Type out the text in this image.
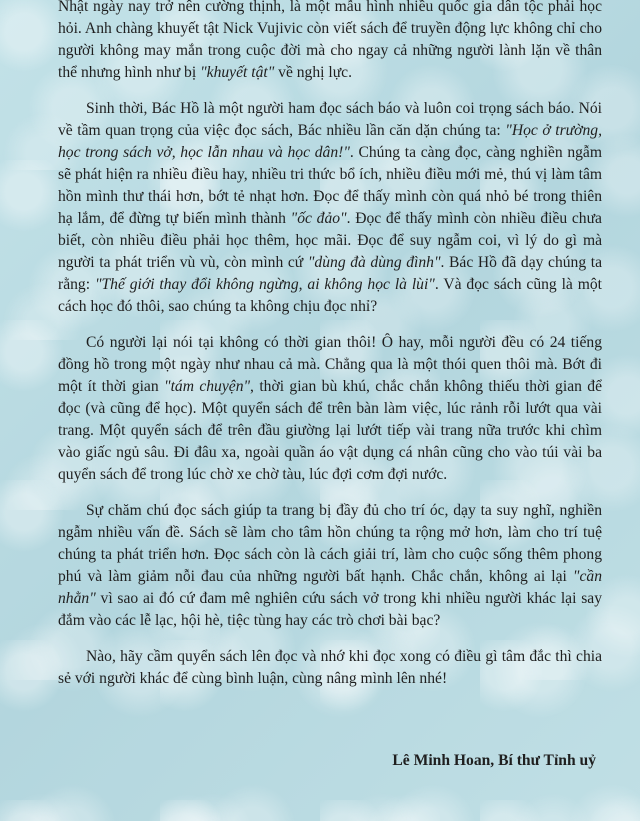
Nhật ngày nay trở nên cường thịnh, là một mẫu hình nhiều quốc gia dân tộc phải học hỏi. Anh chàng khuyết tật Nick Vujivic còn viết sách để truyền động lực không chỉ cho người không may mắn trong cuộc đời mà cho ngay cả những người lành lặn về thân thể nhưng hình như bị "khuyết tật" về nghị lực.

Sinh thời, Bác Hồ là một người ham đọc sách báo và luôn coi trọng sách báo. Nói về tầm quan trọng của việc đọc sách, Bác nhiều lần căn dặn chúng ta: "Học ở trường, học trong sách vở, học lẫn nhau và học dân!". Chúng ta càng đọc, càng nghiền ngẫm sẽ phát hiện ra nhiều điều hay, nhiều tri thức bổ ích, nhiều điều mới mẻ, thú vị làm tâm hồn mình thư thái hơn, bớt tẻ nhạt hơn. Đọc để thấy mình còn quá nhỏ bé trong thiên hạ lắm, để đừng tự biến mình thành "ốc đảo". Đọc để thấy mình còn nhiều điều chưa biết, còn nhiều điều phải học thêm, học mãi. Đọc để suy ngẫm coi, vì lý do gì mà người ta phát triển vù vù, còn mình cứ "dùng đà dùng đình". Bác Hồ đã dạy chúng ta rằng: "Thế giới thay đổi không ngừng, ai không học là lùi". Và đọc sách cũng là một cách học đó thôi, sao chúng ta không chịu đọc nhỉ?

Có người lại nói tại không có thời gian thôi! Ô hay, mỗi người đều có 24 tiếng đồng hồ trong một ngày như nhau cả mà. Chẳng qua là một thói quen thôi mà. Bớt đi một ít thời gian "tám chuyện", thời gian bù khú, chắc chắn không thiếu thời gian để đọc (và cũng để học). Một quyển sách để trên bàn làm việc, lúc rảnh rỗi lướt qua vài trang. Một quyển sách để trên đầu giường lại lướt tiếp vài trang nữa trước khi chìm vào giấc ngủ sâu. Đi đâu xa, ngoài quần áo vật dụng cá nhân cũng cho vào túi vài ba quyển sách để trong lúc chờ xe chờ tàu, lúc đợi cơm đợi nước.

Sự chăm chú đọc sách giúp ta trang bị đầy đủ cho trí óc, dạy ta suy nghĩ, nghiền ngẫm nhiều vấn đề. Sách sẽ làm cho tâm hồn chúng ta rộng mở hơn, làm cho trí tuệ chúng ta phát triển hơn. Đọc sách còn là cách giải trí, làm cho cuộc sống thêm phong phú và làm giảm nỗi đau của những người bất hạnh. Chắc chắn, không ai lại "cần nhằn" vì sao ai đó cứ đam mê nghiên cứu sách vở trong khi nhiều người khác lại say đắm vào các lễ lạc, hội hè, tiệc tùng hay các trò chơi bài bạc?

Nào, hãy cầm quyển sách lên đọc và nhớ khi đọc xong có điều gì tâm đắc thì chia sẻ với người khác để cùng bình luận, cùng nâng mình lên nhé!

Lê Minh Hoan, Bí thư Tỉnh uỷ
